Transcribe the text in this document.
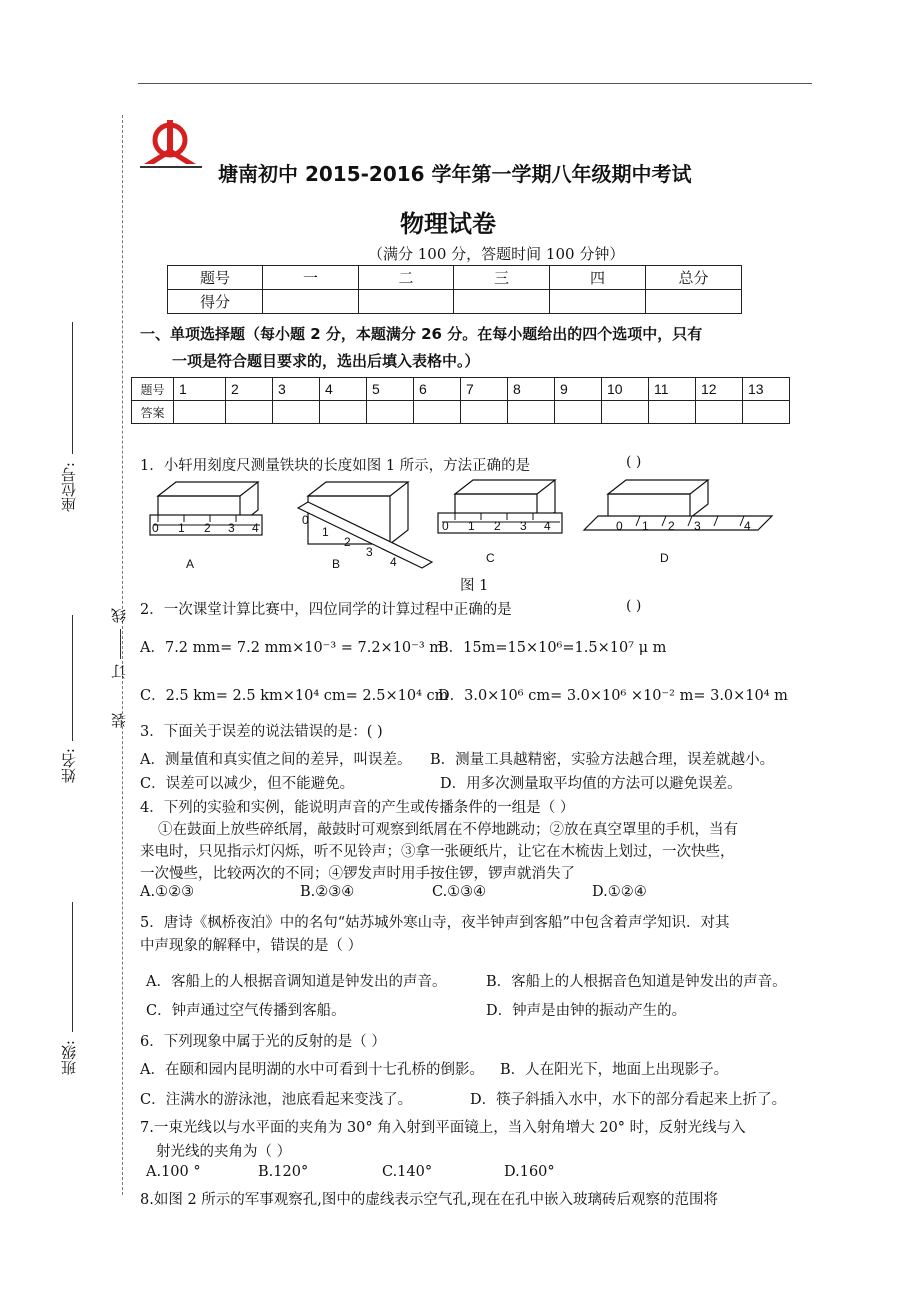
座位号:
姓名:
班级:
装
订
线
塘南初中 2015-2016 学年第一学期八年级期中考试
物理试卷
（满分 100 分，答题时间 100 分钟）
题号	一	二	三	四	总分
得分					
一、单项选择题（每小题 2 分，本题满分 26 分。在每小题给出的四个选项中，只有
一项是符合题目要求的，选出后填入表格中。）
题号	1	2	3	4	5	6	7	8	9	10	11	12	13
答案													
1．小轩用刻度尺测量铁块的长度如图 1 所示，方法正确的是	( )
0 1 2 3 4
0
1
2
3
4
0 1 2 3 4	0 1 2 3	4
A	B	C	D
图 1
2．一次课堂计算比赛中，四位同学的计算过程中正确的是	( )
A．7.2 mm= 7.2 mm×10⁻³ = 7.2×10⁻³ m
B．15m=15×10⁶=1.5×10⁷ μ m
C．2.5 km= 2.5 km×10⁴ cm= 2.5×10⁴ cm
D．3.0×10⁶ cm= 3.0×10⁶ ×10⁻² m= 3.0×10⁴ m
3．下面关于误差的说法错误的是：( )
A．测量值和真实值之间的差异，叫误差。 B．测量工具越精密，实验方法越合理，误差就越小。
C．误差可以减少，但不能避免。	D．用多次测量取平均值的方法可以避免误差。
4．下列的实验和实例，能说明声音的产生或传播条件的一组是（ ）
①在鼓面上放些碎纸屑，敲鼓时可观察到纸屑在不停地跳动；②放在真空罩里的手机，当有
来电时，只见指示灯闪烁，听不见铃声；③拿一张硬纸片，让它在木梳齿上划过，一次快些，
一次慢些，比较两次的不同；④锣发声时用手按住锣，锣声就消失了
A.①②③	B.②③④	C.①③④	D.①②④
5．唐诗《枫桥夜泊》中的名句“姑苏城外寒山寺，夜半钟声到客船”中包含着声学知识．对其
中声现象的解释中，错误的是（ ）
A．客船上的人根据音调知道是钟发出的声音。	B．客船上的人根据音色知道是钟发出的声音。
C．钟声通过空气传播到客船。	D．钟声是由钟的振动产生的。
6．下列现象中属于光的反射的是（ ）
A．在颐和园内昆明湖的水中可看到十七孔桥的倒影。 B．人在阳光下，地面上出现影子。
C．注满水的游泳池，池底看起来变浅了。	D．筷子斜插入水中，水下的部分看起来上折了。
7.一束光线以与水平面的夹角为 30° 角入射到平面镜上，当入射角增大 20° 时，反射光线与入
射光线的夹角为（ ）
A.100 °	B.120°	C.140°	D.160°
8.如图 2 所示的军事观察孔,图中的虚线表示空气孔,现在在孔中嵌入玻璃砖后观察的范围将
